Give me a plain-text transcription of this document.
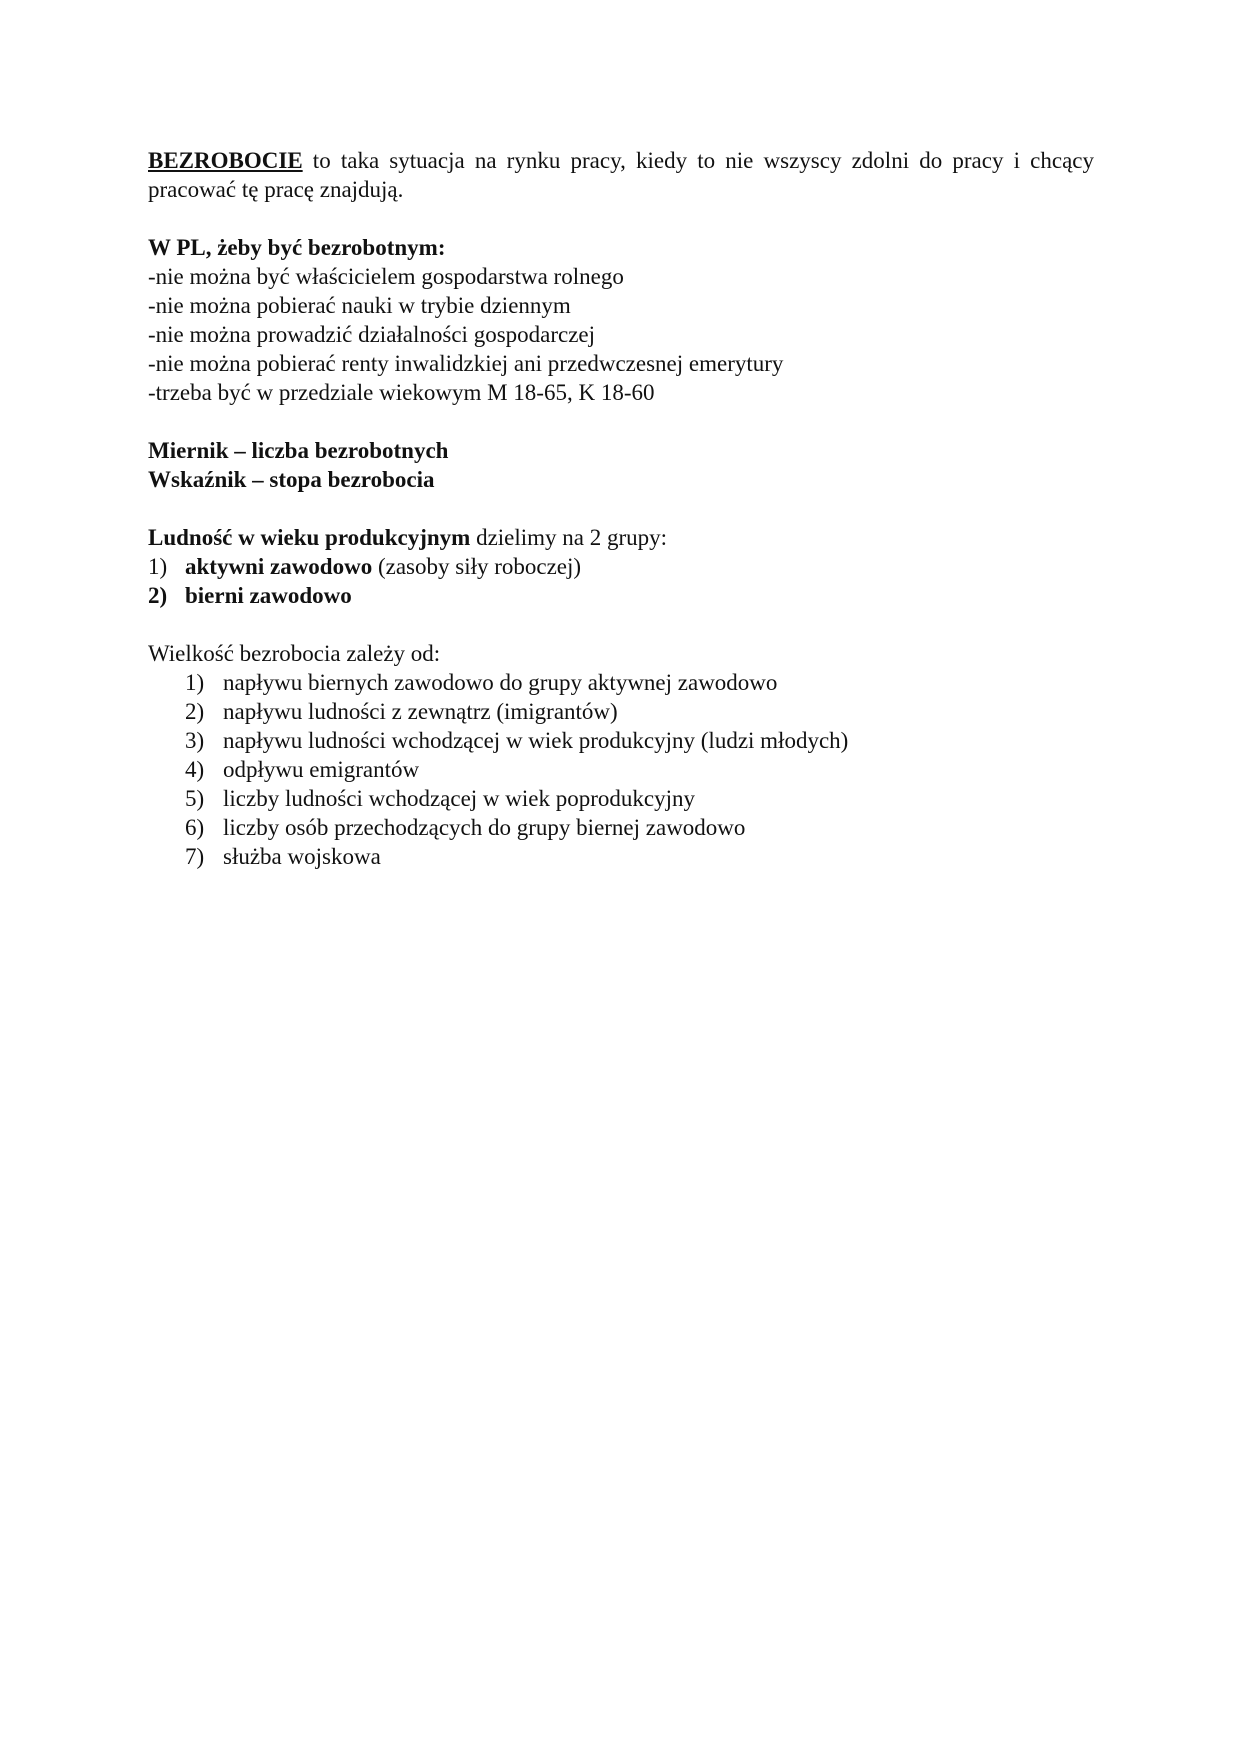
BEZROBOCIE to taka sytuacja na rynku pracy, kiedy to nie wszyscy zdolni do pracy i chcący pracować tę pracę znajdują.

W PL, żeby być bezrobotnym:
-nie można być właścicielem gospodarstwa rolnego
-nie można pobierać nauki w trybie dziennym
-nie można prowadzić działalności gospodarczej
-nie można pobierać renty inwalidzkiej ani przedwczesnej emerytury
-trzeba być w przedziale wiekowym M 18-65, K 18-60
Miernik – liczba bezrobotnych
Wskaźnik – stopa bezrobocia
Ludność w wieku produkcyjnym dzielimy na 2 grupy:
1) aktywni zawodowo (zasoby siły roboczej)
2) bierni zawodowo
Wielkość bezrobocia zależy od:
1) napływu biernych zawodowo do grupy aktywnej zawodowo
2) napływu ludności z zewnątrz (imigrantów)
3) napływu ludności wchodzącej w wiek produkcyjny (ludzi młodych)
4) odpływu emigrantów
5) liczby ludności wchodzącej w wiek poprodukcyjny
6) liczby osób przechodzących do grupy biernej zawodowo
7) służba wojskowa
